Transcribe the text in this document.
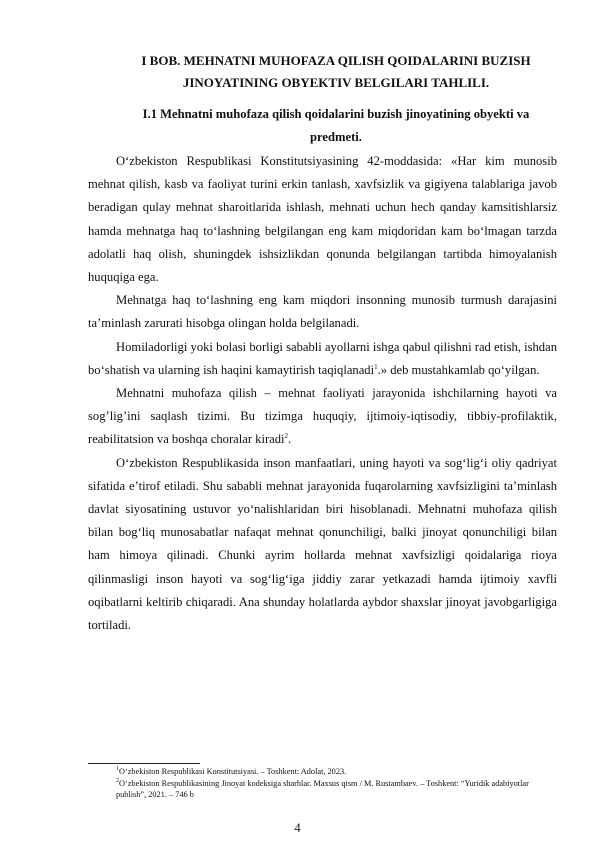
I BOB. MEHNATNI MUHOFAZA QILISH QOIDALARINI BUZISH JINOYATINING OBYEKTIV BELGILARI TAHLILI.
I.1 Mehnatni muhofaza qilish qoidalarini buzish jinoyatining obyekti va predmeti.

O‘zbekiston Respublikasi Konstitutsiyasining 42-moddasida: «Har kim munosib mehnat qilish, kasb va faoliyat turini erkin tanlash, xavfsizlik va gigiyena talablariga javob beradigan qulay mehnat sharoitlarida ishlash, mehnati uchun hech qanday kamsitishlarsiz hamda mehnatga haq to‘lashning belgilangan eng kam miqdoridan kam bo‘lmagan tarzda adolatli haq olish, shuningdek ishsizlikdan qonunda belgilangan tartibda himoyalanish huquqiga ega.

Mehnatga haq to‘lashning eng kam miqdori insonning munosib turmush darajasini ta’minlash zarurati hisobga olingan holda belgilanadi.

Homiladorligi yoki bolasi borligi sababli ayollarni ishga qabul qilishni rad etish, ishdan bo‘shatish va ularning ish haqini kamaytirish taqiqlanadi$^1$.» deb mustahkamlab qo‘yilgan.

Mehnatni muhofaza qilish – mehnat faoliyati jarayonida ishchilarning hayoti va sog’lig’ini saqlash tizimi. Bu tizimga huquqiy, ijtimoiy-iqtisodiy, tibbiy-profilaktik, reabilitatsion va boshqa choralar kiradi$^2$.

O‘zbekiston Respublikasida inson manfaatlari, uning hayoti va sog‘lig‘i oliy qadriyat sifatida e’tirof etiladi. Shu sababli mehnat jarayonida fuqarolarning xavfsizligini ta’minlash davlat siyosatining ustuvor yo‘nalishlaridan biri hisoblanadi. Mehnatni muhofaza qilish bilan bog‘liq munosabatlar nafaqat mehnat qonunchiligi, balki jinoyat qonunchiligi bilan ham himoya qilinadi. Chunki ayrim hollarda mehnat xavfsizligi qoidalariga rioya qilinmasligi inson hayoti va sog‘lig‘iga jiddiy zarar yetkazadi hamda ijtimoiy xavfli oqibatlarni keltirib chiqaradi. Ana shunday holatlarda aybdor shaxslar jinoyat javobgarligiga tortiladi.

$^1$O‘zbekiston Respublikasi Konstitutsiyasi. – Toshkent: Adolat, 2023.

$^2$O‘zbekiston Respublikasining Jinoyat kodeksiga sharhlar. Maxsus qism / M. Rustambaev. – Toshkent: “Yuridik adabiyotlar publish”, 2021. – 746 b

4
